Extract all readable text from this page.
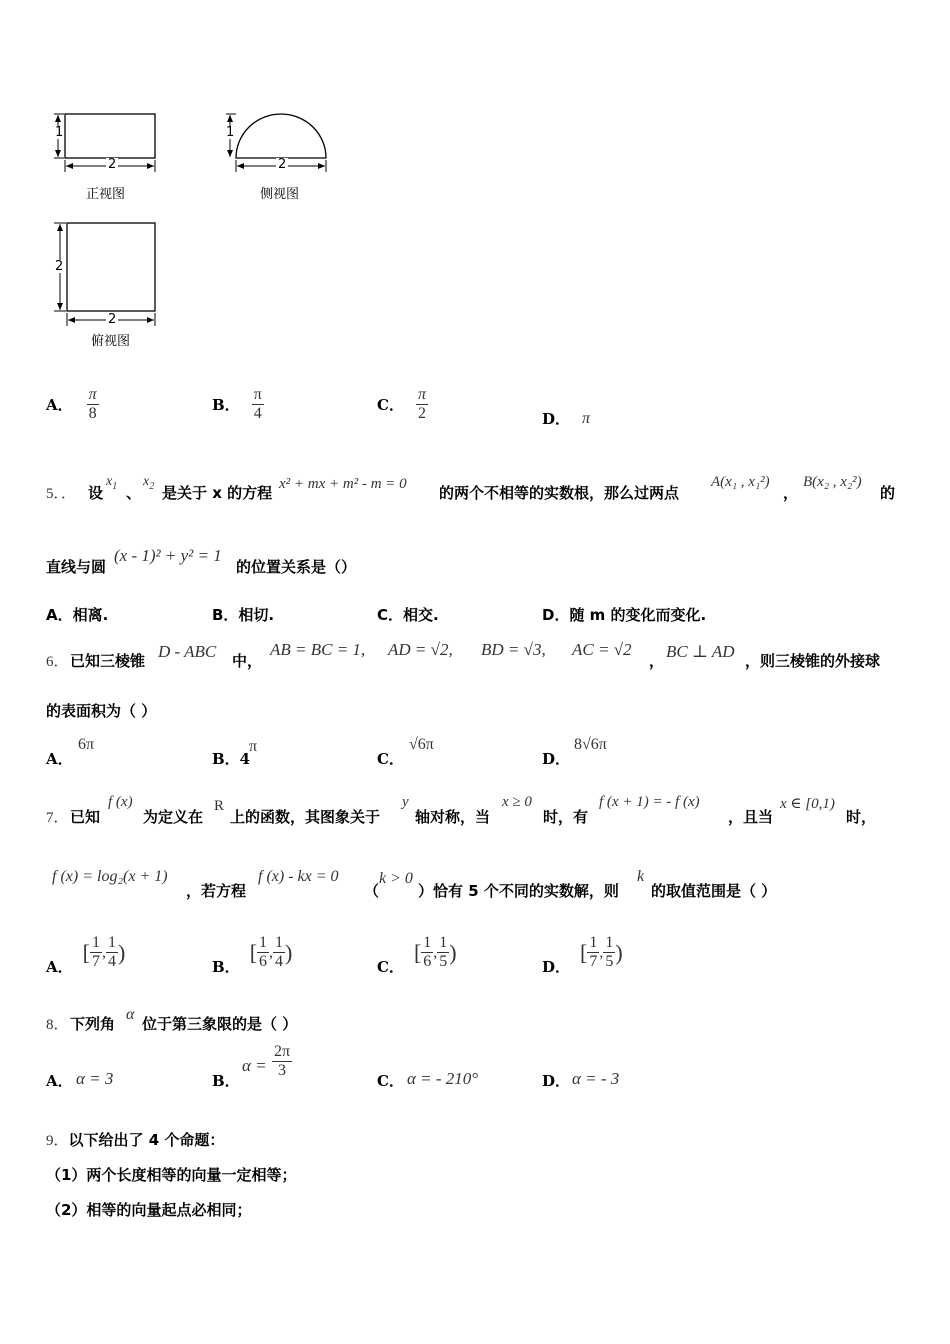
1
2
正视图
1
2
侧视图
2
2
俯视图
A． $\frac{\pi}{8}$	B． $\frac{\pi}{4}$	C． $\frac{\pi}{2}$	D． π
5．． 设
$x_1$ 、
$x_2$ 是关于 x 的方程 x² + mx + m² - m = 0 的两个不相等的实数根，那么过两点
A(x₁ , x₁²)
，
B(x₂ , x₂²)
的
直线与圆
(x - 1)² + y² = 1
的位置关系是（）
A．相离.	B．相切.	C．相交.	D．随 m 的变化而变化.
6． 已知三棱锥 D - ABC 中，
AB = BC = 1, AD = √2, BD = √3, AC = √2
， BC ⊥ AD ，则三棱锥的外接球
的表面积为（ ）
A．
6π
B．4
π
C．
√6π
D．
8√6π
7． 已知
f (x)
为定义在
R
上的函数，其图象关于
y
轴对称，当
x ≥ 0
时，有
f (x + 1) = - f (x)
，且当
x ∈ [0,1)
时，
f (x) = log₂(x + 1)
，若方程
f (x) - kx = 0
（
k > 0
）恰有 5 个不同的实数解，则
k
的取值范围是（ ）
A．
[ $\frac{1}{7}$ , $\frac{1}{4}$ )
B．
[ $\frac{1}{6}$ , $\frac{1}{4}$ )
C．
[ $\frac{1}{6}$ , $\frac{1}{5}$ )
D．
[ $\frac{1}{7}$ , $\frac{1}{5}$ )
8． 下列角
α
位于第三象限的是（ ）
A． α = 3	B．
$\alpha = \frac{2\pi}{3}$
C． α = - 210°	D． α = - 3
9．以下给出了 4 个命题：
（1）两个长度相等的向量一定相等；
（2）相等的向量起点必相同；
